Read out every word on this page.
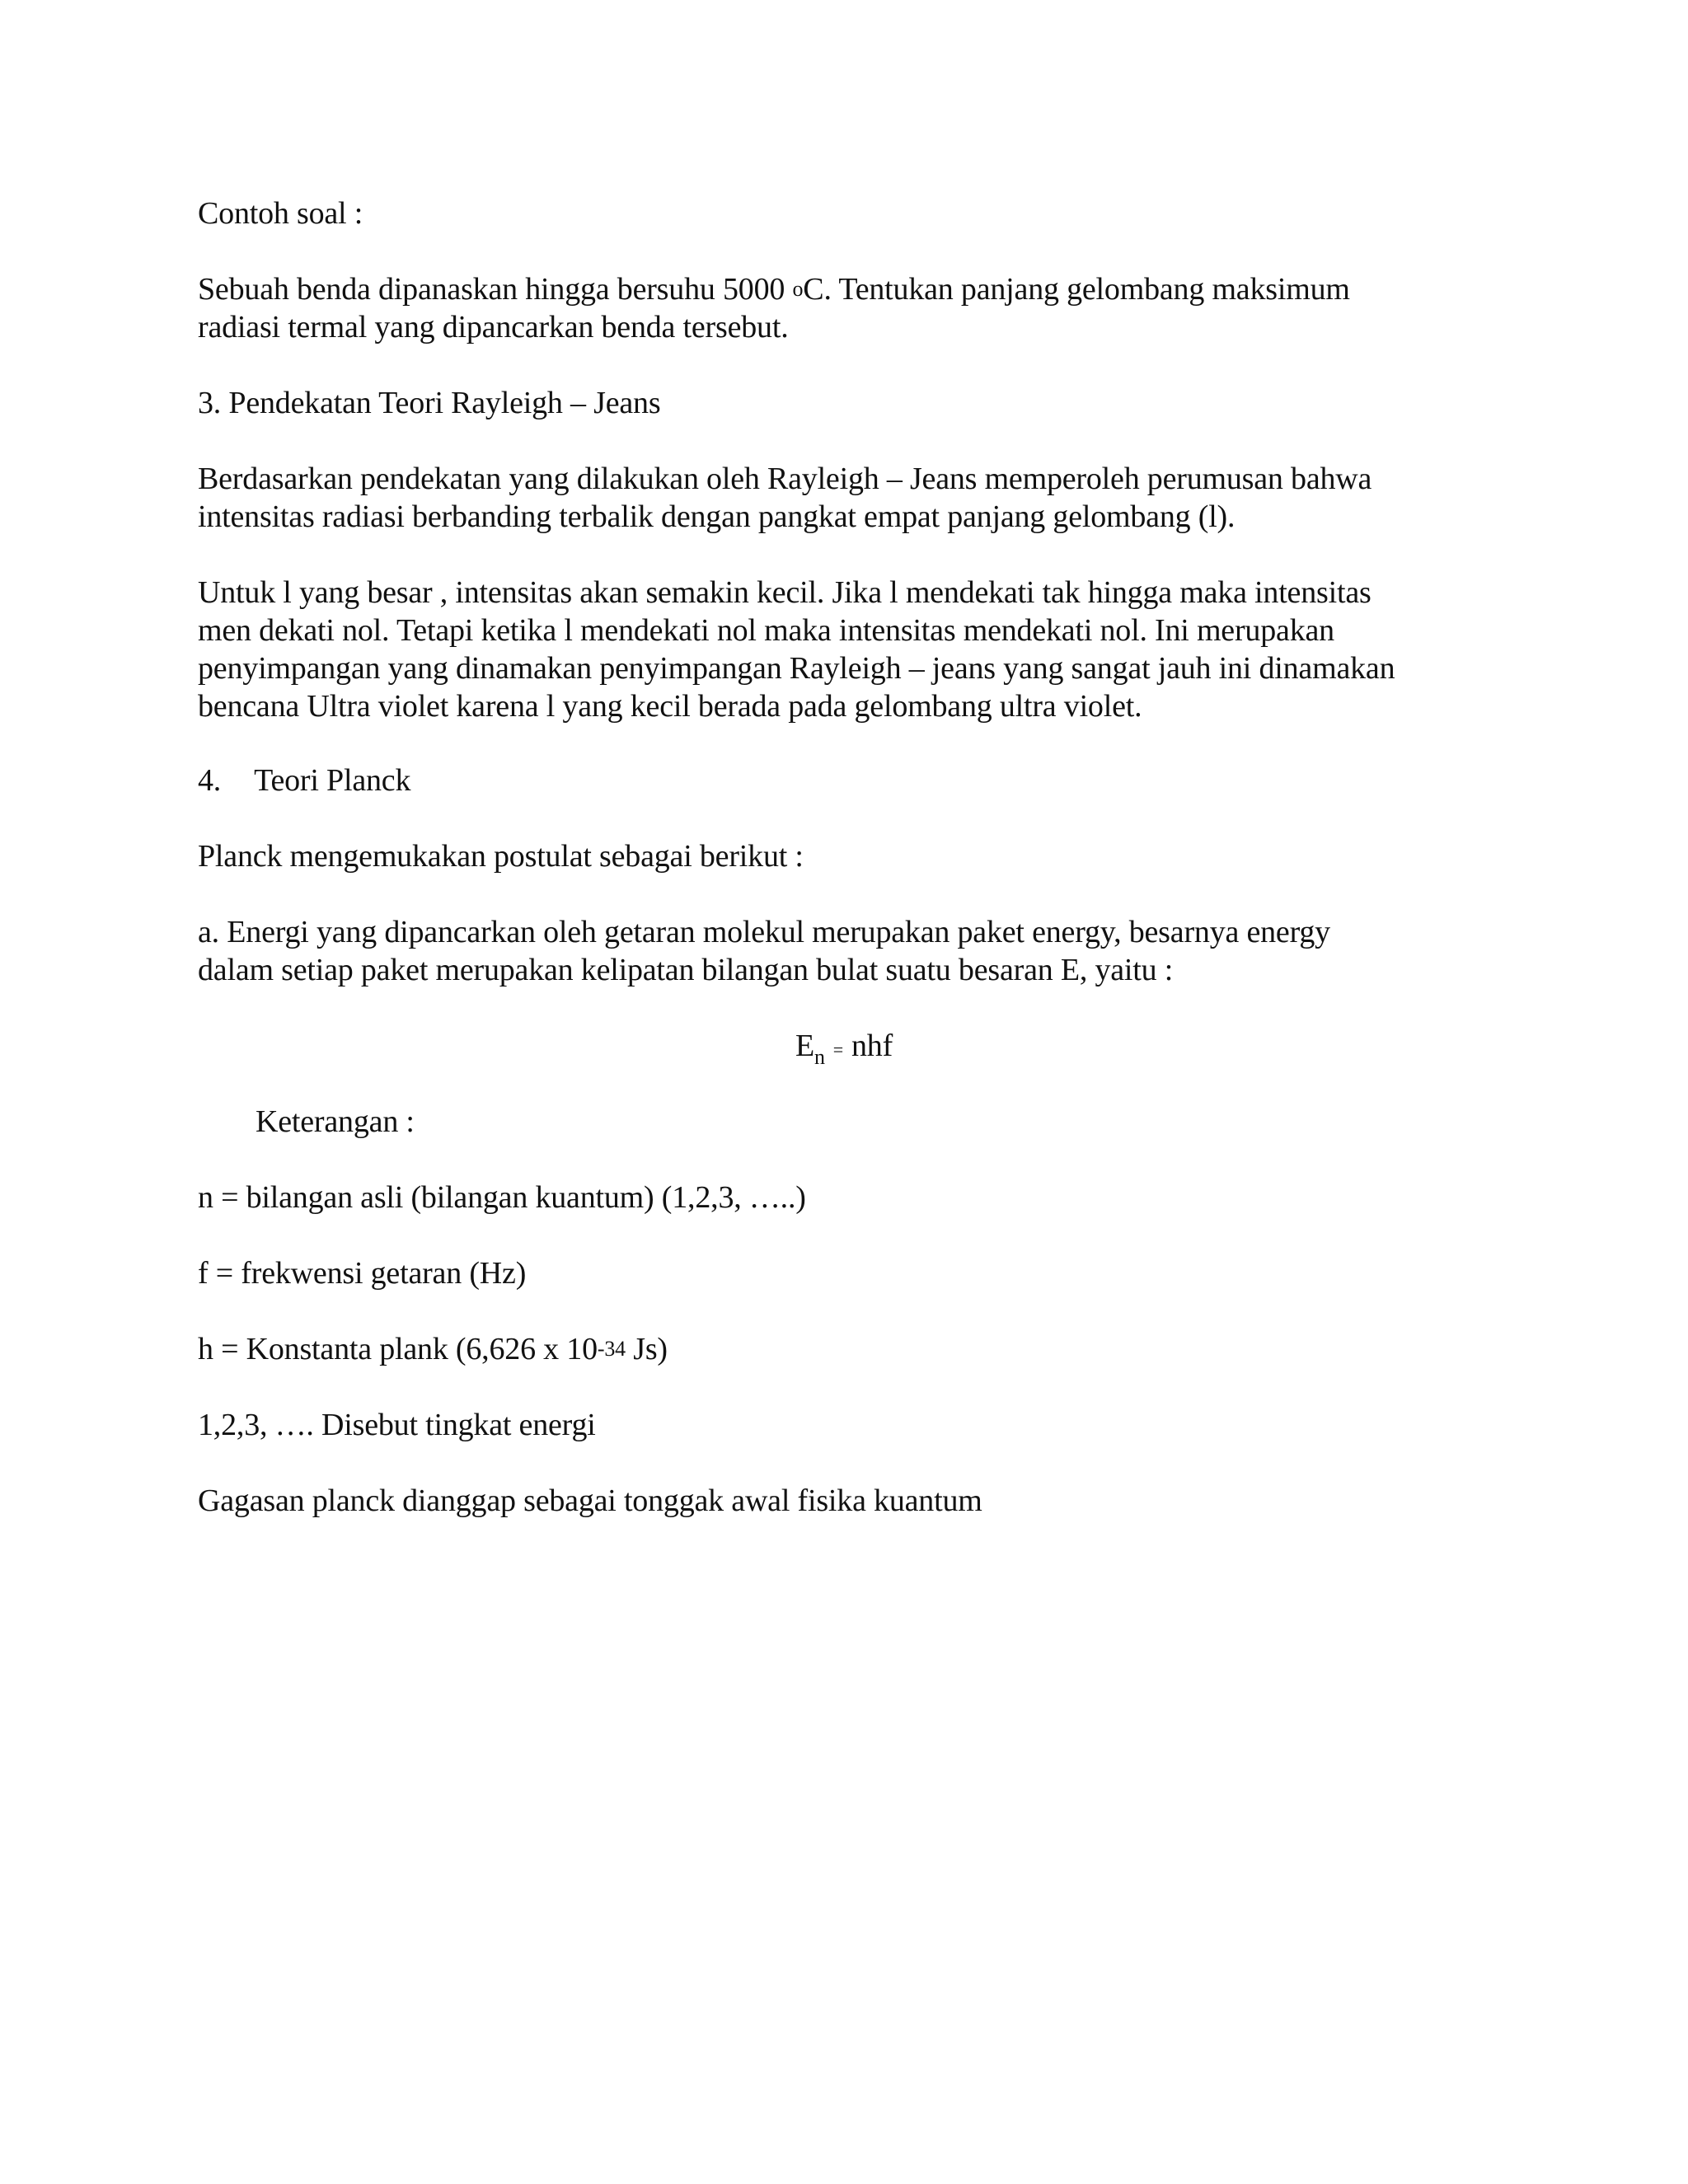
Contoh soal :
Sebuah benda dipanaskan hingga bersuhu 5000 $^o$C. Tentukan panjang gelombang maksimum
radiasi termal yang dipancarkan benda tersebut.
3. Pendekatan Teori Rayleigh – Jeans
Berdasarkan pendekatan yang dilakukan oleh Rayleigh – Jeans memperoleh perumusan bahwa
intensitas radiasi berbanding terbalik dengan pangkat empat panjang gelombang (l).
Untuk l yang besar , intensitas akan semakin kecil. Jika l mendekati tak hingga maka intensitas
men dekati nol. Tetapi ketika l mendekati nol maka intensitas mendekati nol. Ini merupakan
penyimpangan yang dinamakan penyimpangan Rayleigh – jeans yang sangat jauh ini dinamakan
bencana Ultra violet karena l yang kecil berada pada gelombang ultra violet.
4. Teori Planck
Planck mengemukakan postulat sebagai berikut :
a. Energi yang dipancarkan oleh getaran molekul merupakan paket energy, besarnya energy
dalam setiap paket merupakan kelipatan bilangan bulat suatu besaran E, yaitu :
$E_n$ = nhf
Keterangan :
n = bilangan asli (bilangan kuantum) (1,2,3, …..)
f = frekwensi getaran (Hz)
h = Konstanta plank (6,626 x $10^{-34}$ Js)
1,2,3, …. Disebut tingkat energi
Gagasan planck dianggap sebagai tonggak awal fisika kuantum
